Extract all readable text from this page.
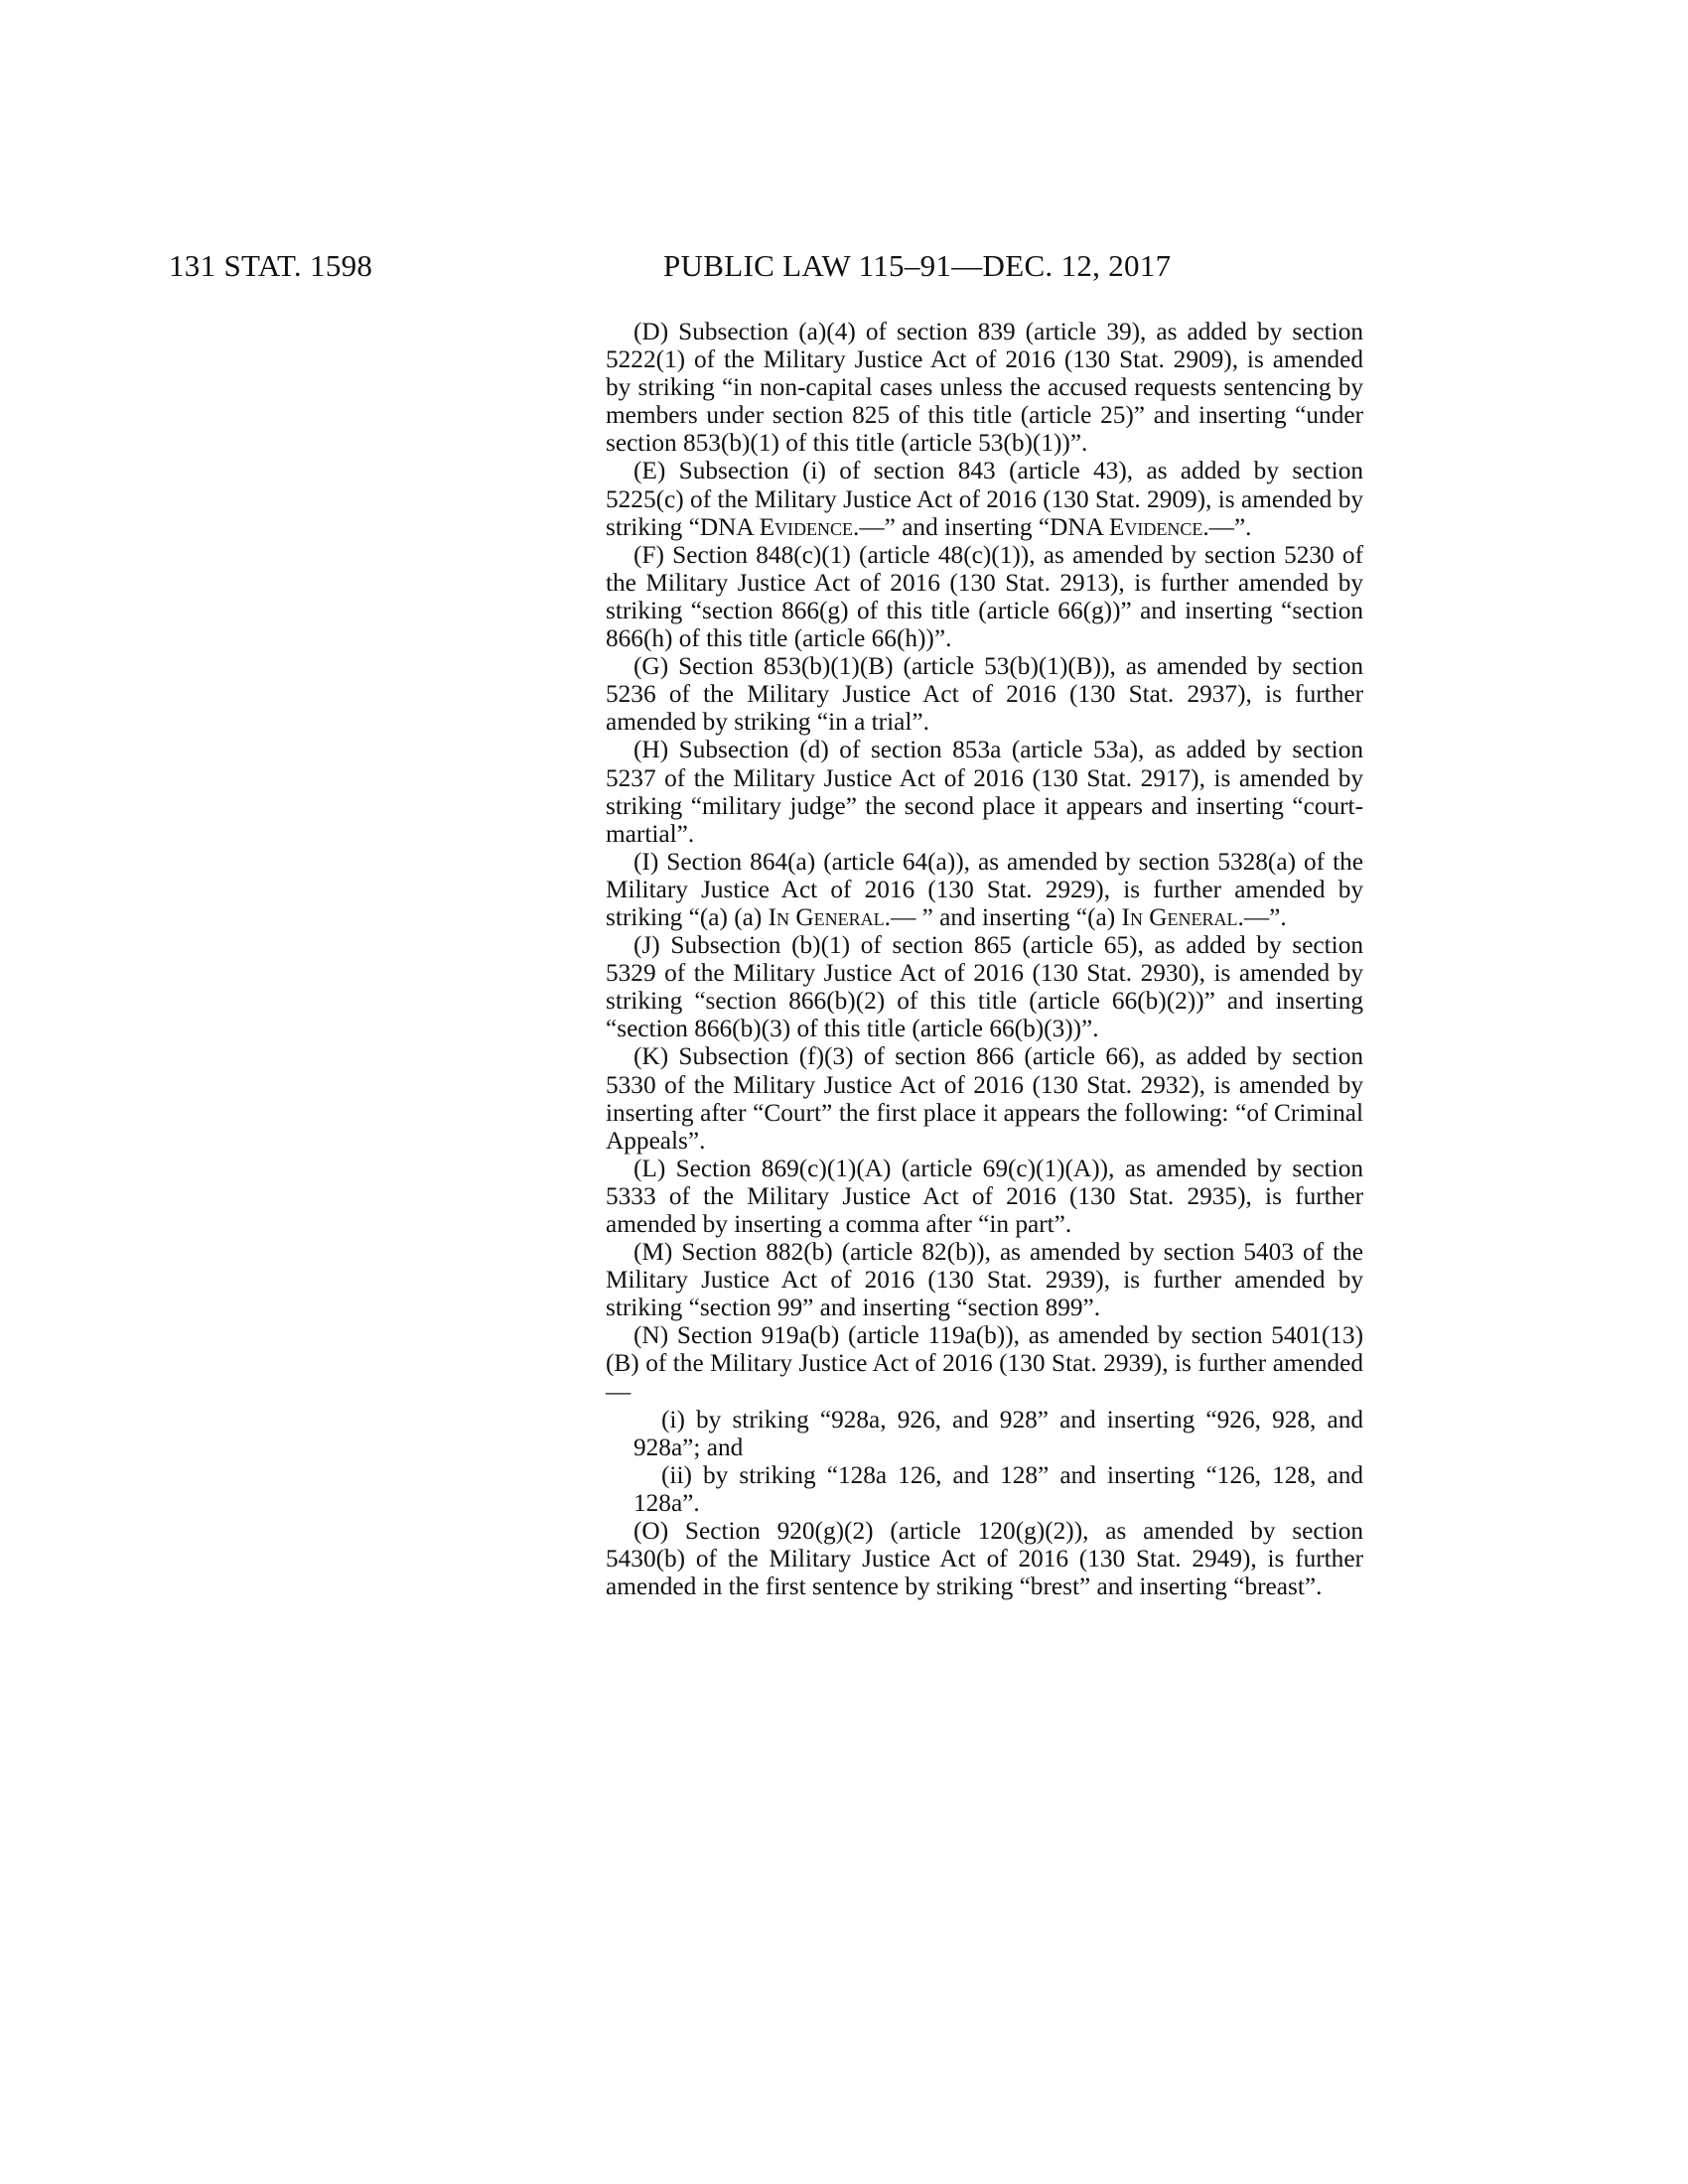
131 STAT. 1598	PUBLIC LAW 115–91—DEC. 12, 2017

(D) Subsection (a)(4) of section 839 (article 39), as added by section 5222(1) of the Military Justice Act of 2016 (130 Stat. 2909), is amended by striking “in non-capital cases unless the accused requests sentencing by members under section 825 of this title (article 25)” and inserting “under section 853(b)(1) of this title (article 53(b)(1))”.

(E) Subsection (i) of section 843 (article 43), as added by section 5225(c) of the Military Justice Act of 2016 (130 Stat. 2909), is amended by striking “DNA Evidence.—” and inserting “DNA Evidence.—”.

(F) Section 848(c)(1) (article 48(c)(1)), as amended by section 5230 of the Military Justice Act of 2016 (130 Stat. 2913), is further amended by striking “section 866(g) of this title (article 66(g))” and inserting “section 866(h) of this title (article 66(h))”.

(G) Section 853(b)(1)(B) (article 53(b)(1)(B)), as amended by section 5236 of the Military Justice Act of 2016 (130 Stat. 2937), is further amended by striking “in a trial”.

(H) Subsection (d) of section 853a (article 53a), as added by section 5237 of the Military Justice Act of 2016 (130 Stat. 2917), is amended by striking “military judge” the second place it appears and inserting “court-martial”.

(I) Section 864(a) (article 64(a)), as amended by section 5328(a) of the Military Justice Act of 2016 (130 Stat. 2929), is further amended by striking “(a) (a) In General.— ” and inserting “(a) In General.—”.

(J) Subsection (b)(1) of section 865 (article 65), as added by section 5329 of the Military Justice Act of 2016 (130 Stat. 2930), is amended by striking “section 866(b)(2) of this title (article 66(b)(2))” and inserting “section 866(b)(3) of this title (article 66(b)(3))”.

(K) Subsection (f)(3) of section 866 (article 66), as added by section 5330 of the Military Justice Act of 2016 (130 Stat. 2932), is amended by inserting after “Court” the first place it appears the following: “of Criminal Appeals”.

(L) Section 869(c)(1)(A) (article 69(c)(1)(A)), as amended by section 5333 of the Military Justice Act of 2016 (130 Stat. 2935), is further amended by inserting a comma after “in part”.

(M) Section 882(b) (article 82(b)), as amended by section 5403 of the Military Justice Act of 2016 (130 Stat. 2939), is further amended by striking “section 99” and inserting “section 899”.

(N) Section 919a(b) (article 119a(b)), as amended by section 5401(13)(B) of the Military Justice Act of 2016 (130 Stat. 2939), is further amended—

(i) by striking “928a, 926, and 928” and inserting “926, 928, and 928a”; and

(ii) by striking “128a 126, and 128” and inserting “126, 128, and 128a”.

(O) Section 920(g)(2) (article 120(g)(2)), as amended by section 5430(b) of the Military Justice Act of 2016 (130 Stat. 2949), is further amended in the first sentence by striking “brest” and inserting “breast”.
